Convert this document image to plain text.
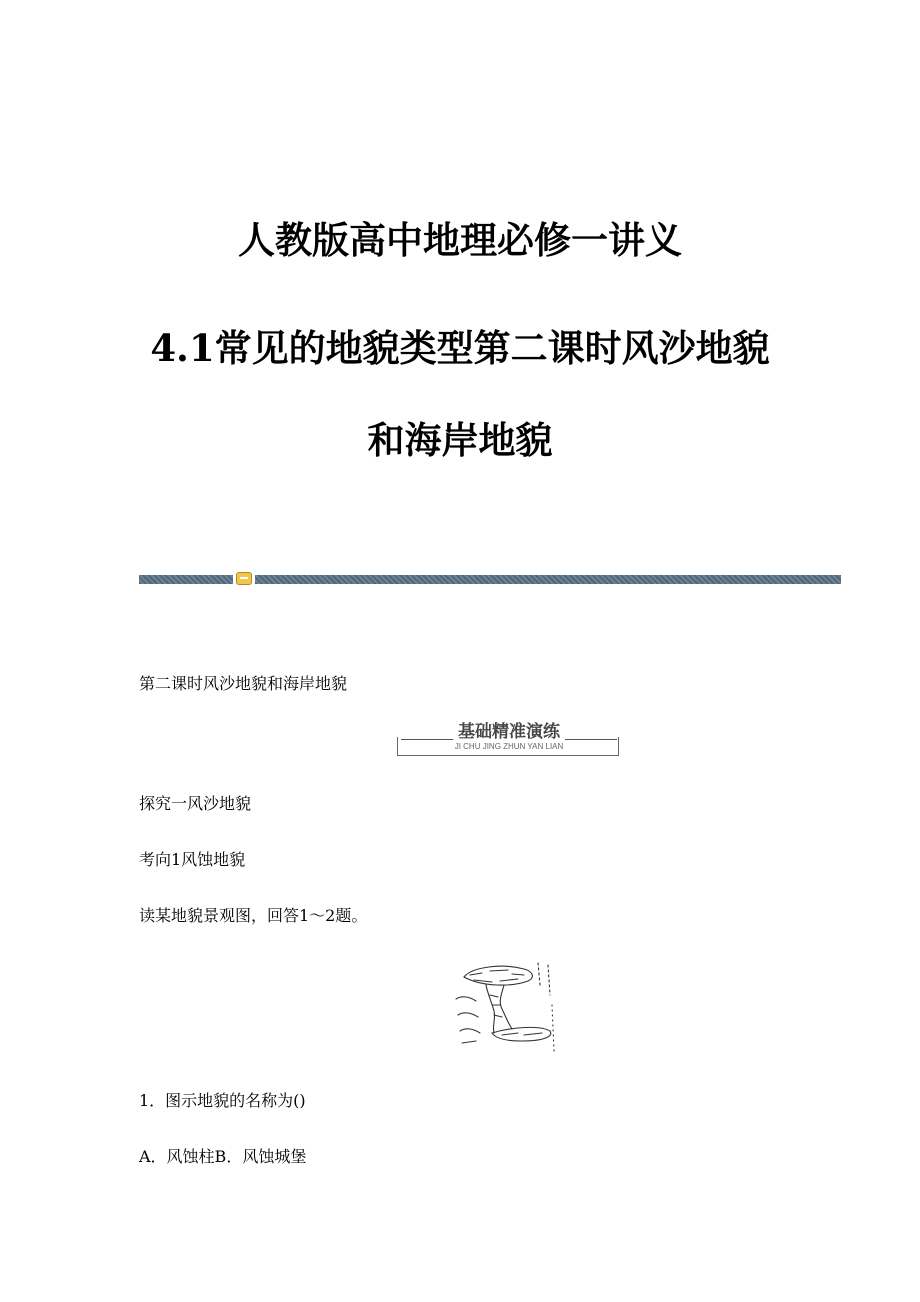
人教版高中地理必修一讲义
4.1常见的地貌类型第二课时风沙地貌
和海岸地貌
第二课时风沙地貌和海岸地貌
基础精准演练
JI CHU JING ZHUN YAN LIAN
探究一风沙地貌
考向1风蚀地貌
读某地貌景观图，回答1～2题。
1．图示地貌的名称为()
A．风蚀柱B．风蚀城堡
